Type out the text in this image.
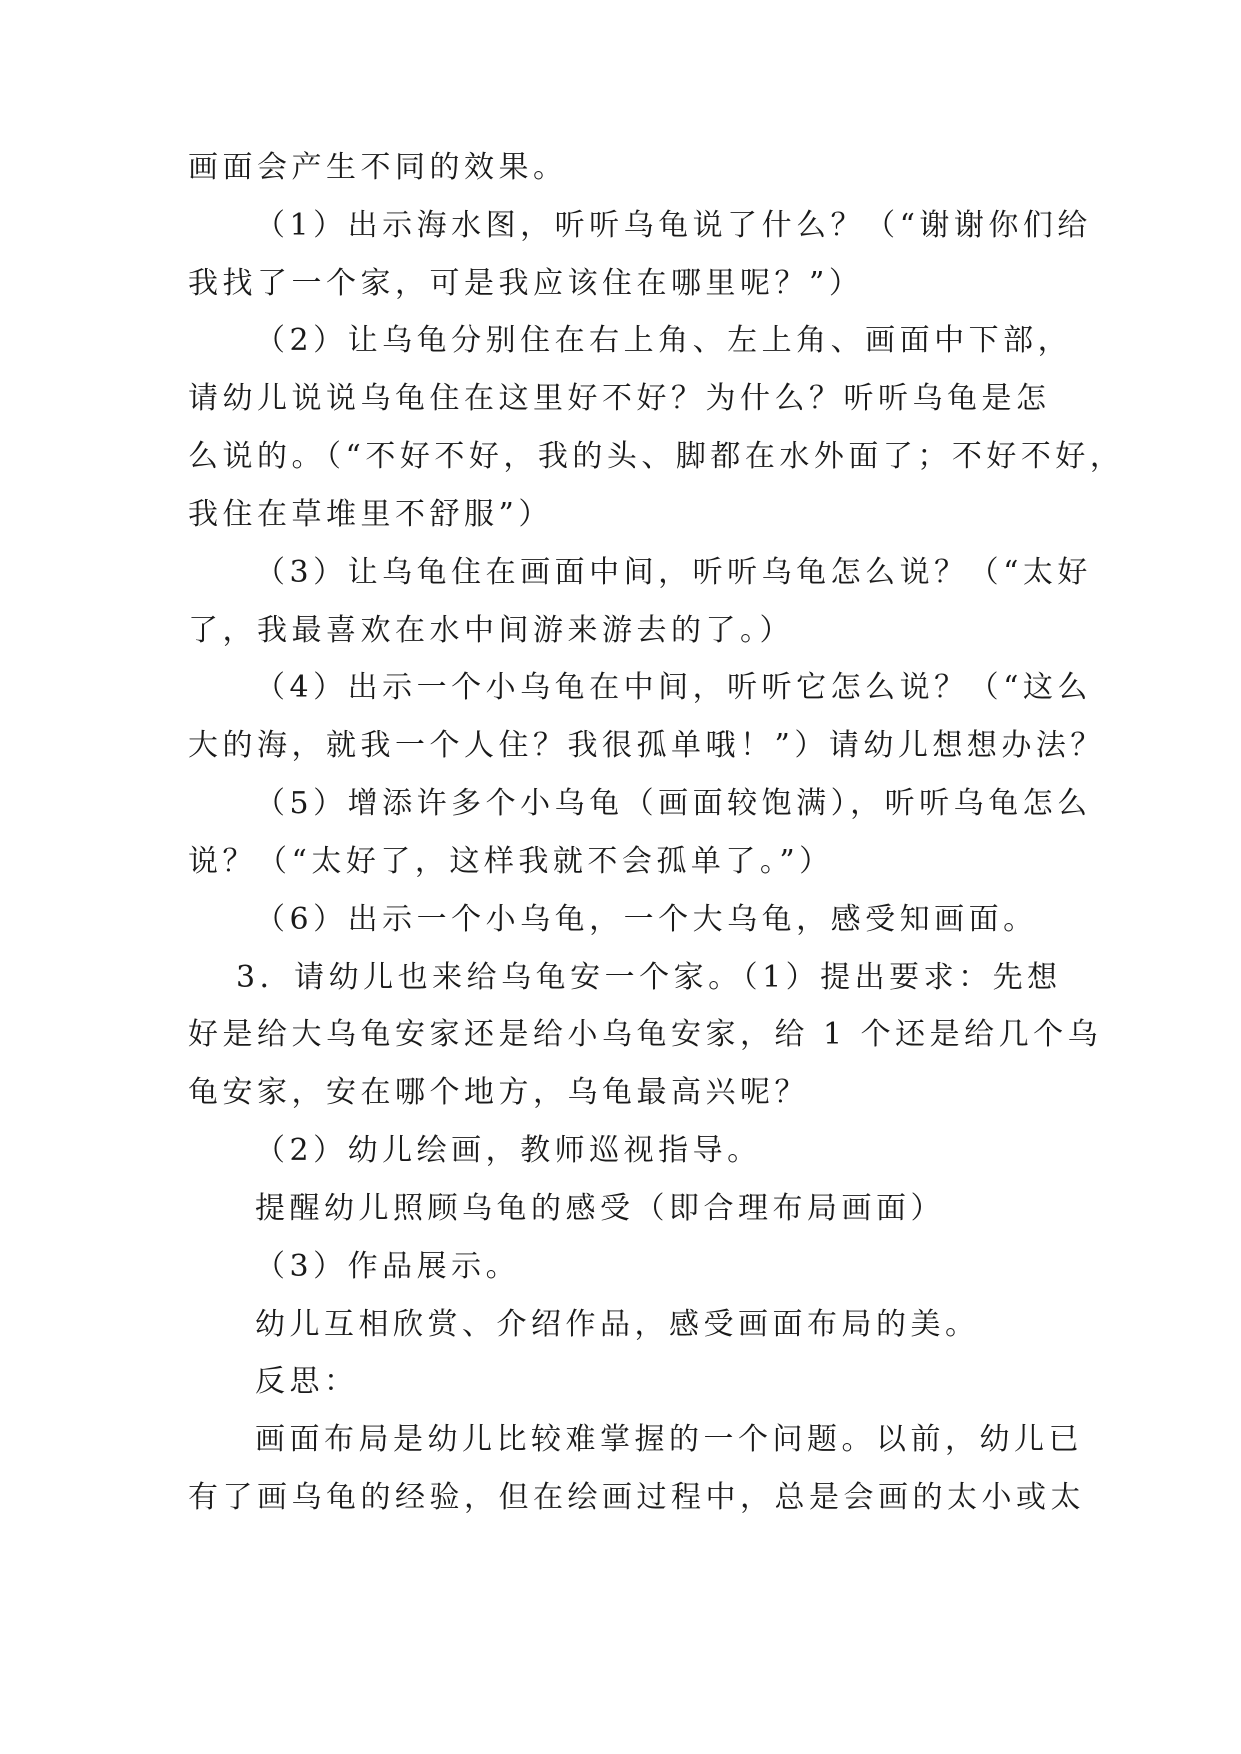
画面会产生不同的效果。
（1）出示海水图，听听乌龟说了什么？（“谢谢你们给
我找了一个家，可是我应该住在哪里呢？”）
（2）让乌龟分别住在右上角、左上角、画面中下部，
请幼儿说说乌龟住在这里好不好？为什么？听听乌龟是怎
么说的。（“不好不好，我的头、脚都在水外面了；不好不好，
我住在草堆里不舒服”）
（3）让乌龟住在画面中间，听听乌龟怎么说？（“太好
了，我最喜欢在水中间游来游去的了。）
（4）出示一个小乌龟在中间，听听它怎么说？（“这么
大的海，就我一个人住？我很孤单哦！”）请幼儿想想办法？
（5）增添许多个小乌龟（画面较饱满），听听乌龟怎么
说？（“太好了，这样我就不会孤单了。”）
（6）出示一个小乌龟，一个大乌龟，感受知画面。
3．请幼儿也来给乌龟安一个家。（1）提出要求：先想
好是给大乌龟安家还是给小乌龟安家，给 1 个还是给几个乌
龟安家，安在哪个地方，乌龟最高兴呢？
（2）幼儿绘画，教师巡视指导。
提醒幼儿照顾乌龟的感受（即合理布局画面）
（3）作品展示。
幼儿互相欣赏、介绍作品，感受画面布局的美。
反思：
画面布局是幼儿比较难掌握的一个问题。以前，幼儿已
有了画乌龟的经验，但在绘画过程中，总是会画的太小或太
